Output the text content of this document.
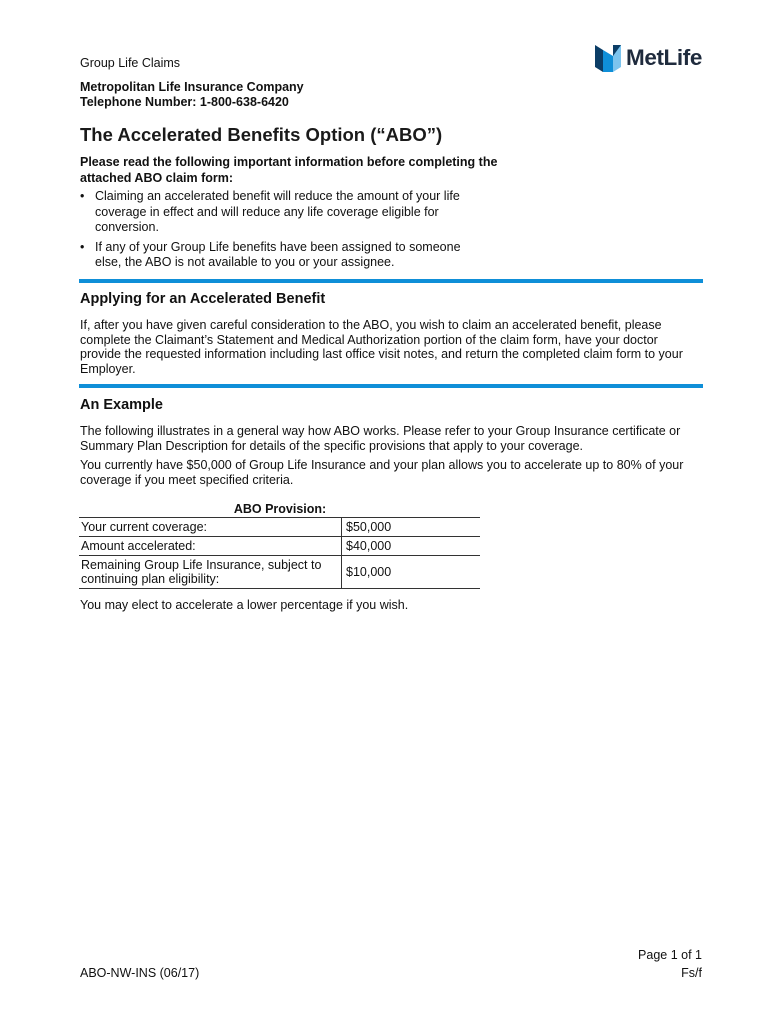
Group Life Claims
Metropolitan Life Insurance Company
Telephone Number: 1-800-638-6420
MetLife
The Accelerated Benefits Option (“ABO”)
Please read the following important information before completing the attached ABO claim form:
• Claiming an accelerated benefit will reduce the amount of your life coverage in effect and will reduce any life coverage eligible for conversion.
• If any of your Group Life benefits have been assigned to someone else, the ABO is not available to you or your assignee.
Applying for an Accelerated Benefit
If, after you have given careful consideration to the ABO, you wish to claim an accelerated benefit, please complete the Claimant’s Statement and Medical Authorization portion of the claim form, have your doctor provide the requested information including last office visit notes, and return the completed claim form to your Employer.
An Example
The following illustrates in a general way how ABO works. Please refer to your Group Insurance certificate or Summary Plan Description for details of the specific provisions that apply to your coverage.
You currently have $50,000 of Group Life Insurance and your plan allows you to accelerate up to 80% of your coverage if you meet specified criteria.
ABO Provision:
Your current coverage:	$50,000
Amount accelerated:	$40,000
Remaining Group Life Insurance, subject to continuing plan eligibility:	$10,000
You may elect to accelerate a lower percentage if you wish.
Page 1 of 1
ABO-NW-INS (06/17)	Fs/f
